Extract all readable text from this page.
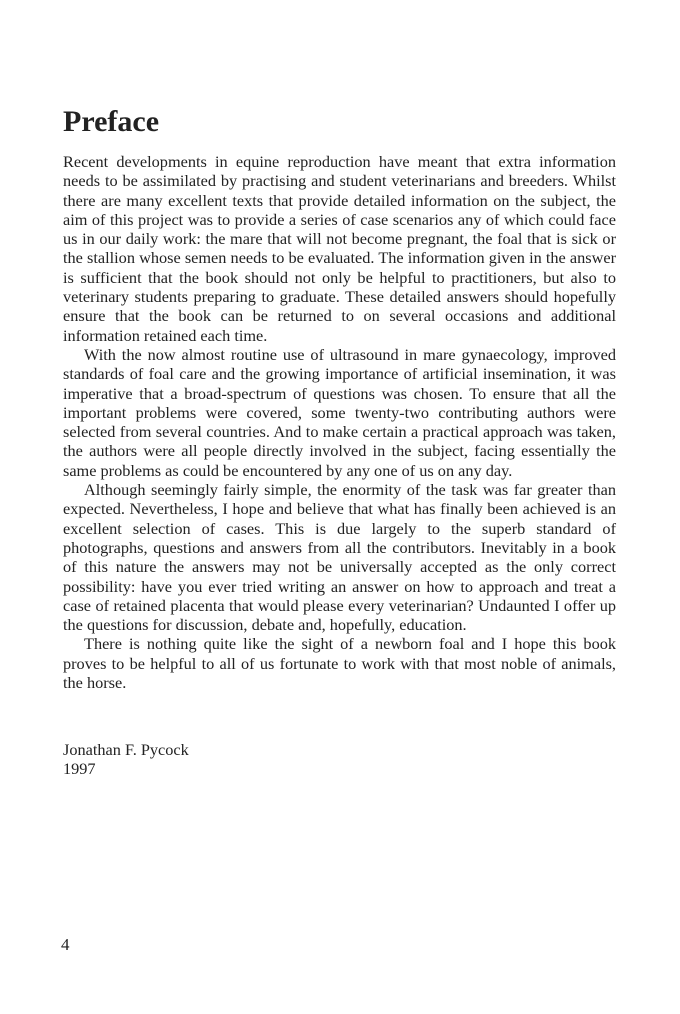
Preface

Recent developments in equine reproduction have meant that extra information needs to be assimilated by practising and student veterinarians and breeders. Whilst there are many excellent texts that provide detailed information on the subject, the aim of this project was to provide a series of case scenarios any of which could face us in our daily work: the mare that will not become pregnant, the foal that is sick or the stallion whose semen needs to be evaluated. The information given in the answer is sufficient that the book should not only be helpful to practitioners, but also to veterinary students preparing to graduate. These detailed answers should hopefully ensure that the book can be returned to on several occasions and additional information retained each time.

With the now almost routine use of ultrasound in mare gynaecology, improved standards of foal care and the growing importance of artificial insemination, it was imperative that a broad-spectrum of questions was chosen. To ensure that all the important problems were covered, some twenty-two contributing authors were selected from several countries. And to make certain a practical approach was taken, the authors were all people directly involved in the subject, facing essentially the same problems as could be encountered by any one of us on any day.

Although seemingly fairly simple, the enormity of the task was far greater than expected. Nevertheless, I hope and believe that what has finally been achieved is an excellent selection of cases. This is due largely to the superb standard of photographs, questions and answers from all the contributors. Inevitably in a book of this nature the answers may not be universally accepted as the only correct possibility: have you ever tried writing an answer on how to approach and treat a case of retained placenta that would please every veterinarian? Undaunted I offer up the questions for discussion, debate and, hopefully, education.

There is nothing quite like the sight of a newborn foal and I hope this book proves to be helpful to all of us fortunate to work with that most noble of animals, the horse.

Jonathan F. Pycock
1997
4
